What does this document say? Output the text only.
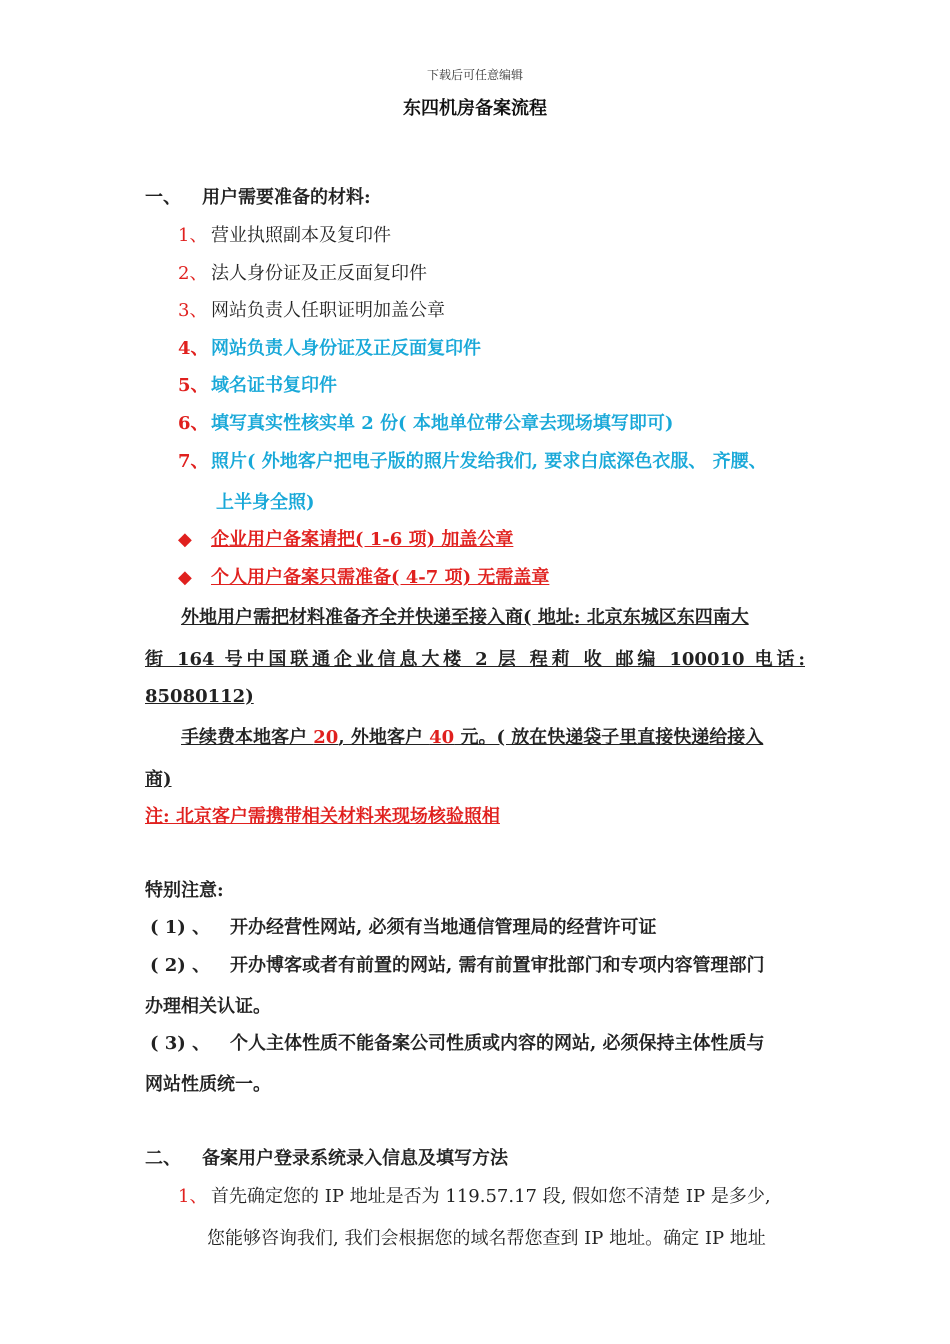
下载后可任意编辑
东四机房备案流程
一、 用户需要准备的材料:
1、 营业执照副本及复印件
2、 法人身份证及正反面复印件
3、 网站负责人任职证明加盖公章
4、 网站负责人身份证及正反面复印件
5、 域名证书复印件
6、 填写真实性核实单 2 份( 本地单位带公章去现场填写即可)
7、 照片( 外地客户把电子版的照片发给我们, 要求白底深色衣服、 齐腰、
上半身全照)
◆ 企业用户备案请把( 1-6 项) 加盖公章
◆ 个人用户备案只需准备( 4-7 项) 无需盖章
外地用户需把材料准备齐全并快递至接入商( 地址: 北京东城区东四南大
街 164 号中国联通企业信息大楼 2 层 程莉 收 邮编 100010 电话:
85080112)
手续费本地客户 20, 外地客户 40 元。( 放在快递袋子里直接快递给接入
商)
注: 北京客户需携带相关材料来现场核验照相
特别注意:
( 1) 、 开办经营性网站, 必须有当地通信管理局的经营许可证
( 2) 、 开办博客或者有前置的网站, 需有前置审批部门和专项内容管理部门
办理相关认证。
( 3) 、 个人主体性质不能备案公司性质或内容的网站, 必须保持主体性质与
网站性质统一。
二、 备案用户登录系统录入信息及填写方法
1、 首先确定您的 IP 地址是否为 119.57.17 段, 假如您不清楚 IP 是多少,
您能够咨询我们, 我们会根据您的域名帮您查到 IP 地址。确定 IP 地址
